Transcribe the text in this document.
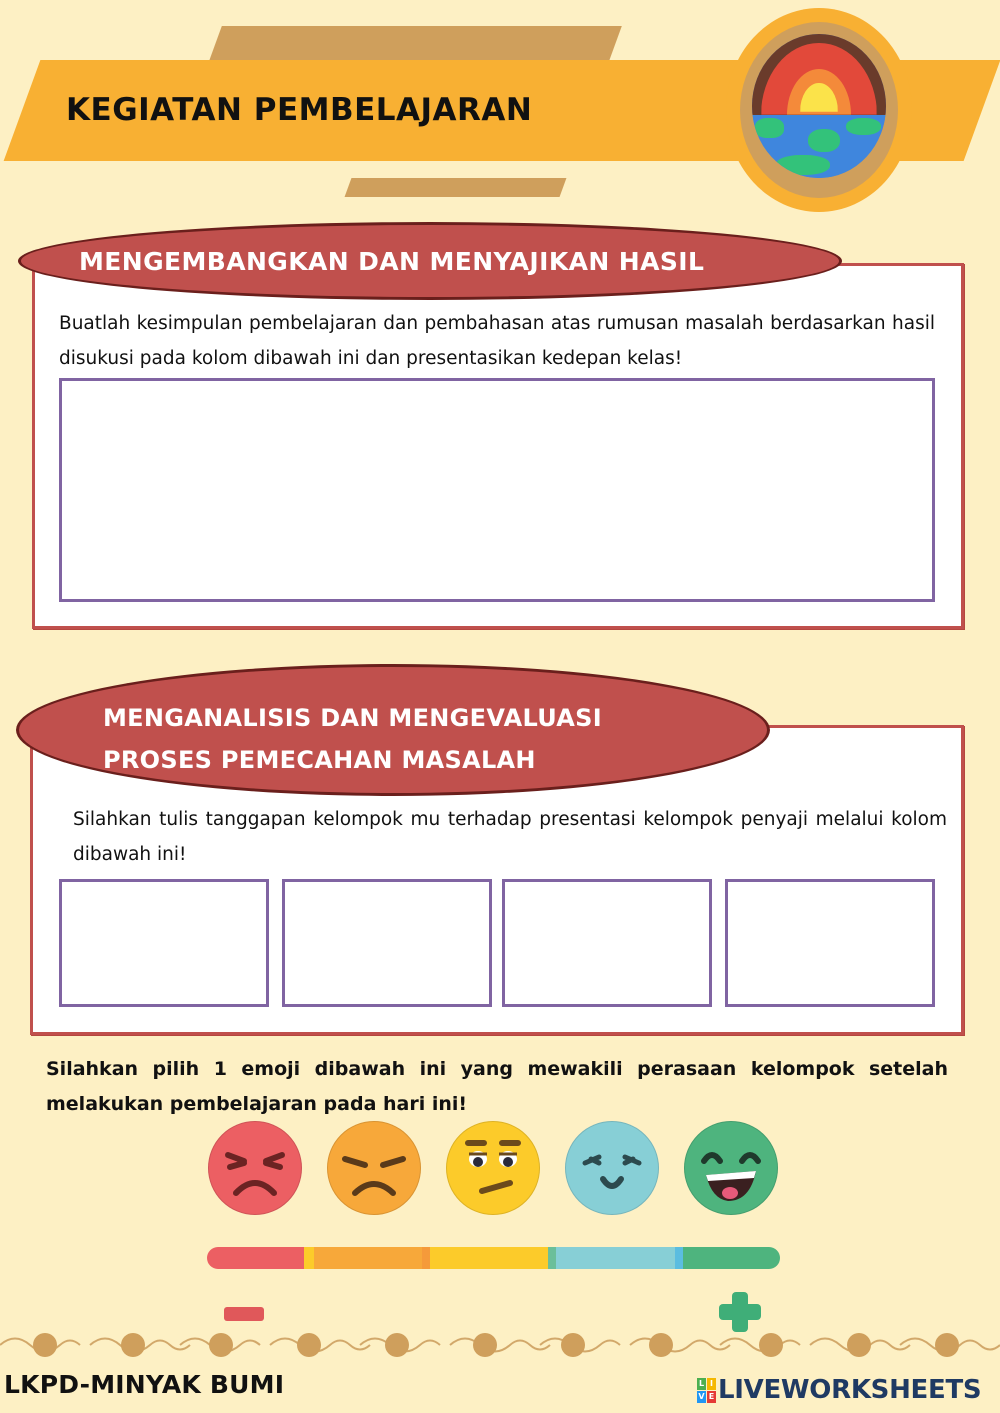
KEGIATAN PEMBELAJARAN
MENGEMBANGKAN DAN MENYAJIKAN HASIL
Buatlah kesimpulan pembelajaran dan pembahasan atas rumusan masalah berdasarkan hasil disukusi pada kolom dibawah ini dan presentasikan kedepan kelas!
MENGANALISIS DAN MENGEVALUASI
PROSES PEMECAHAN MASALAH
Silahkan tulis tanggapan kelompok mu terhadap presentasi kelompok penyaji melalui kolom dibawah ini!
Silahkan pilih 1 emoji dibawah ini yang mewakili perasaan kelompok setelah
melakukan pembelajaran pada hari ini!
LKPD-MINYAK BUMI	L I
V E LIVEWORKSHEETS
